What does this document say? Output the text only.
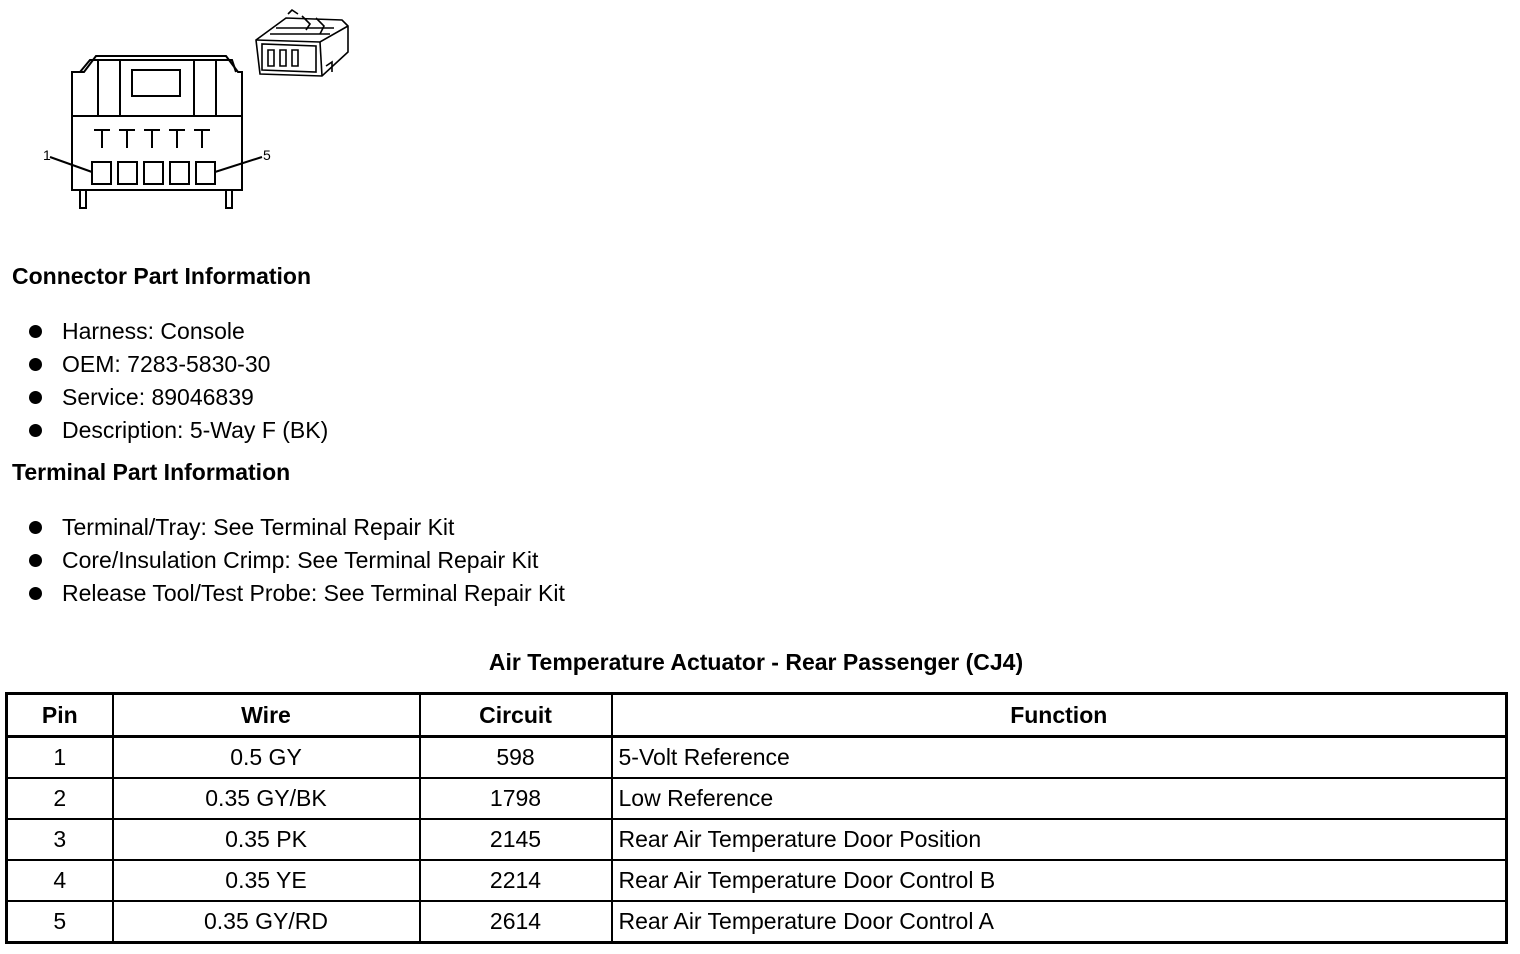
1	5
Connector Part Information
Harness: Console
OEM: 7283-5830-30
Service: 89046839
Description: 5-Way F (BK)
Terminal Part Information
Terminal/Tray: See Terminal Repair Kit
Core/Insulation Crimp: See Terminal Repair Kit
Release Tool/Test Probe: See Terminal Repair Kit
Air Temperature Actuator - Rear Passenger (CJ4)
Pin	Wire	Circuit	Function
1	0.5 GY	598	5-Volt Reference
2	0.35 GY/BK	1798	Low Reference
3	0.35 PK	2145	Rear Air Temperature Door Position
4	0.35 YE	2214	Rear Air Temperature Door Control B
5	0.35 GY/RD	2614	Rear Air Temperature Door Control A
